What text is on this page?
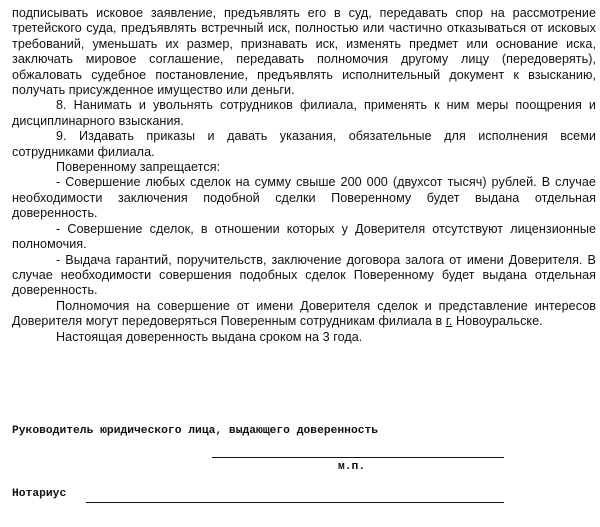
подписывать исковое заявление, предъявлять его в суд, передавать спор на рассмотрение третейского суда, предъявлять встречный иск, полностью или частично отказываться от исковых требований, уменьшать их размер, признавать иск, изменять предмет или основание иска, заключать мировое соглашение, передавать полномочия другому лицу (передоверять), обжаловать судебное постановление, предъявлять исполнительный документ к взысканию, получать присужденное имущество или деньги.

8. Нанимать и увольнять сотрудников филиала, применять к ним меры поощрения и дисциплинарного взыскания.

9. Издавать приказы и давать указания, обязательные для исполнения всеми сотрудниками филиала.

Поверенному запрещается:

- Совершение любых сделок на сумму свыше 200 000 (двухсот тысяч) рублей. В случае необходимости заключения подобной сделки Поверенному будет выдана отдельная доверенность.

- Совершение сделок, в отношении которых у Доверителя отсутствуют лицензионные полномочия.

- Выдача гарантий, поручительств, заключение договора залога от имени Доверителя. В случае необходимости совершения подобных сделок Поверенному будет выдана отдельная доверенность.

Полномочия на совершение от имени Доверителя сделок и представление интересов Доверителя могут передоверяться Поверенным сотрудникам филиала в г. Новоуральске.

Настоящая доверенность выдана сроком на 3 года.

Руководитель юридического лица, выдающего доверенность
м.п.
Нотариус
